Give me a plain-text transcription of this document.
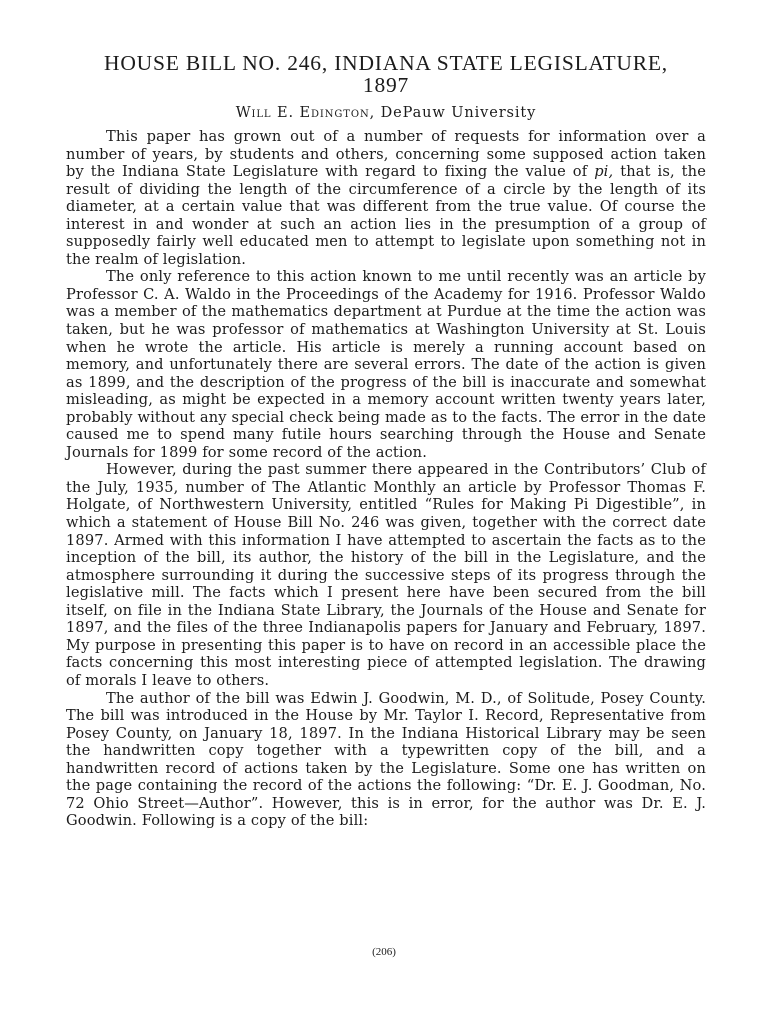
HOUSE BILL NO. 246, INDIANA STATE LEGISLATURE,
1897
Will E. Edington, DePauw University

This paper has grown out of a number of requests for information over a number of years, by students and others, concerning some supposed action taken by the Indiana State Legislature with regard to fixing the value of pi, that is, the result of dividing the length of the circumference of a circle by the length of its diameter, at a certain value that was different from the true value. Of course the interest in and wonder at such an action lies in the presumption of a group of supposedly fairly well educated men to attempt to legislate upon something not in the realm of legislation.

The only reference to this action known to me until recently was an article by Professor C. A. Waldo in the Proceedings of the Academy for 1916. Professor Waldo was a member of the mathematics department at Purdue at the time the action was taken, but he was professor of mathematics at Washington University at St. Louis when he wrote the article. His article is merely a running account based on memory, and unfortunately there are several errors. The date of the action is given as 1899, and the description of the progress of the bill is inaccurate and somewhat misleading, as might be expected in a memory account written twenty years later, probably without any special check being made as to the facts. The error in the date caused me to spend many futile hours searching through the House and Senate Journals for 1899 for some record of the action.

However, during the past summer there appeared in the Contributors’ Club of the July, 1935, number of The Atlantic Monthly an article by Professor Thomas F. Holgate, of Northwestern University, entitled “Rules for Making Pi Digestible”, in which a statement of House Bill No. 246 was given, together with the correct date 1897. Armed with this information I have attempted to ascertain the facts as to the inception of the bill, its author, the history of the bill in the Legislature, and the atmosphere surrounding it during the successive steps of its progress through the legislative mill. The facts which I present here have been secured from the bill itself, on file in the Indiana State Library, the Journals of the House and Senate for 1897, and the files of the three Indianapolis papers for January and February, 1897. My purpose in presenting this paper is to have on record in an accessible place the facts concerning this most interesting piece of attempted legislation. The drawing of morals I leave to others.

The author of the bill was Edwin J. Goodwin, M. D., of Solitude, Posey County. The bill was introduced in the House by Mr. Taylor I. Record, Representative from Posey County, on January 18, 1897. In the Indiana Historical Library may be seen the handwritten copy together with a typewritten copy of the bill, and a handwritten record of actions taken by the Legislature. Some one has written on the page containing the record of the actions the following: “Dr. E. J. Goodman, No. 72 Ohio Street—Author”. However, this is in error, for the author was Dr. E. J. Goodwin. Following is a copy of the bill:

(206)
